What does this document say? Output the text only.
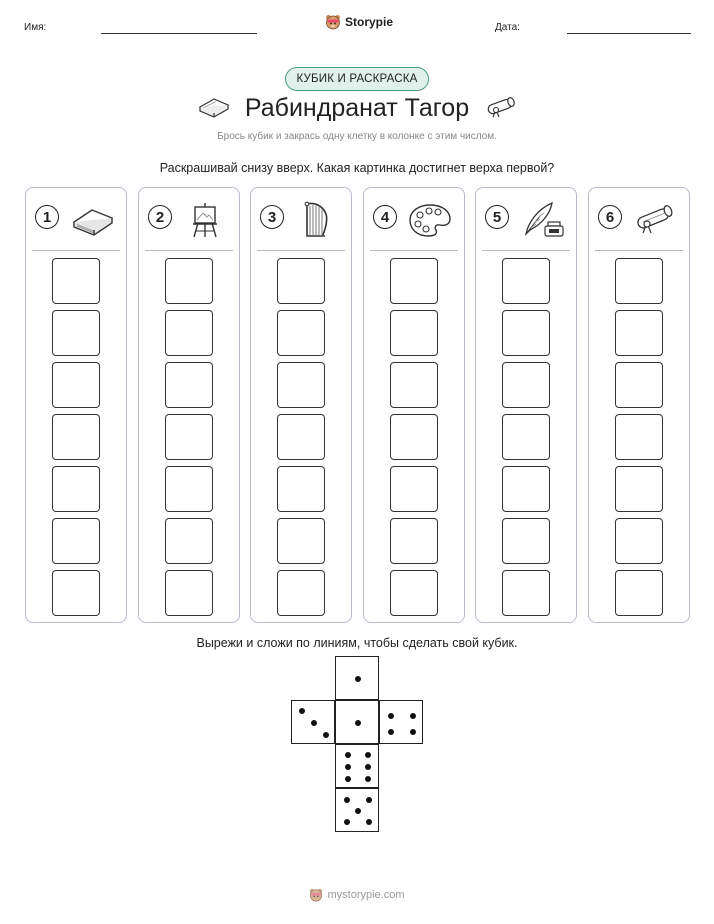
Имя:	Storypie	Дата:
КУБИК И РАСКРАСКА
Рабиндранат Тагор
Брось кубик и закрась одну клетку в колонке с этим числом.
Раскрашивай снизу вверх. Какая картинка достигнет верха первой?
1	2	3	4	5	6
Вырежи и сложи по линиям, чтобы сделать свой кубик.
mystorypie.com
